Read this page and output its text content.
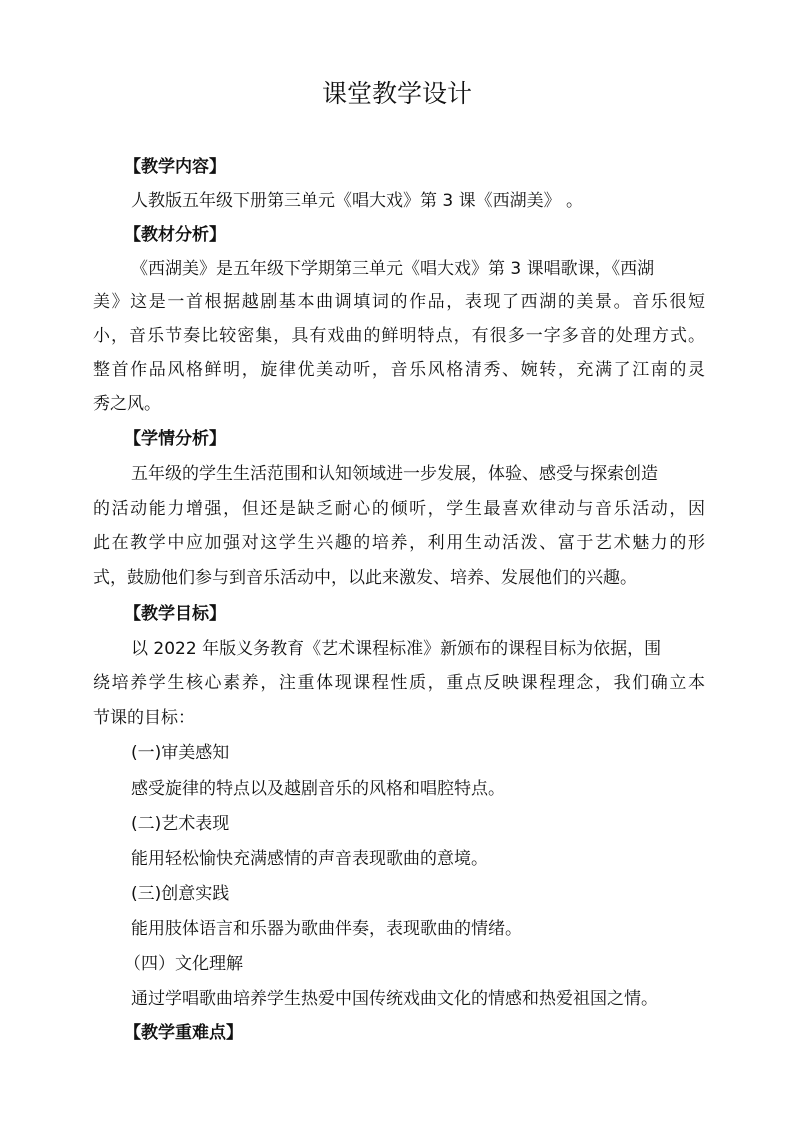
课堂教学设计
【教学内容】
人教版五年级下册第三单元《唱大戏》第 3 课《西湖美》 。
【教材分析】
《西湖美》是五年级下学期第三单元《唱大戏》第 3 课唱歌课，《西湖
美》这是一首根据越剧基本曲调填词的作品，表现了西湖的美景。音乐很短
小，音乐节奏比较密集，具有戏曲的鲜明特点，有很多一字多音的处理方式。
整首作品风格鲜明，旋律优美动听，音乐风格清秀、婉转，充满了江南的灵
秀之风。
【学情分析】
五年级的学生生活范围和认知领域进一步发展，体验、感受与探索创造
的活动能力增强，但还是缺乏耐心的倾听，学生最喜欢律动与音乐活动，因
此在教学中应加强对这学生兴趣的培养，利用生动活泼、富于艺术魅力的形
式，鼓励他们参与到音乐活动中，以此来激发、培养、发展他们的兴趣。
【教学目标】
以 2022 年版义务教育《艺术课程标准》新颁布的课程目标为依据，围
绕培养学生核心素养，注重体现课程性质，重点反映课程理念，我们确立本
节课的目标：
(一)审美感知
感受旋律的特点以及越剧音乐的风格和唱腔特点。
(二)艺术表现
能用轻松愉快充满感情的声音表现歌曲的意境。
(三)创意实践
能用肢体语言和乐器为歌曲伴奏，表现歌曲的情绪。
（四）文化理解
通过学唱歌曲培养学生热爱中国传统戏曲文化的情感和热爱祖国之情。
【教学重难点】
